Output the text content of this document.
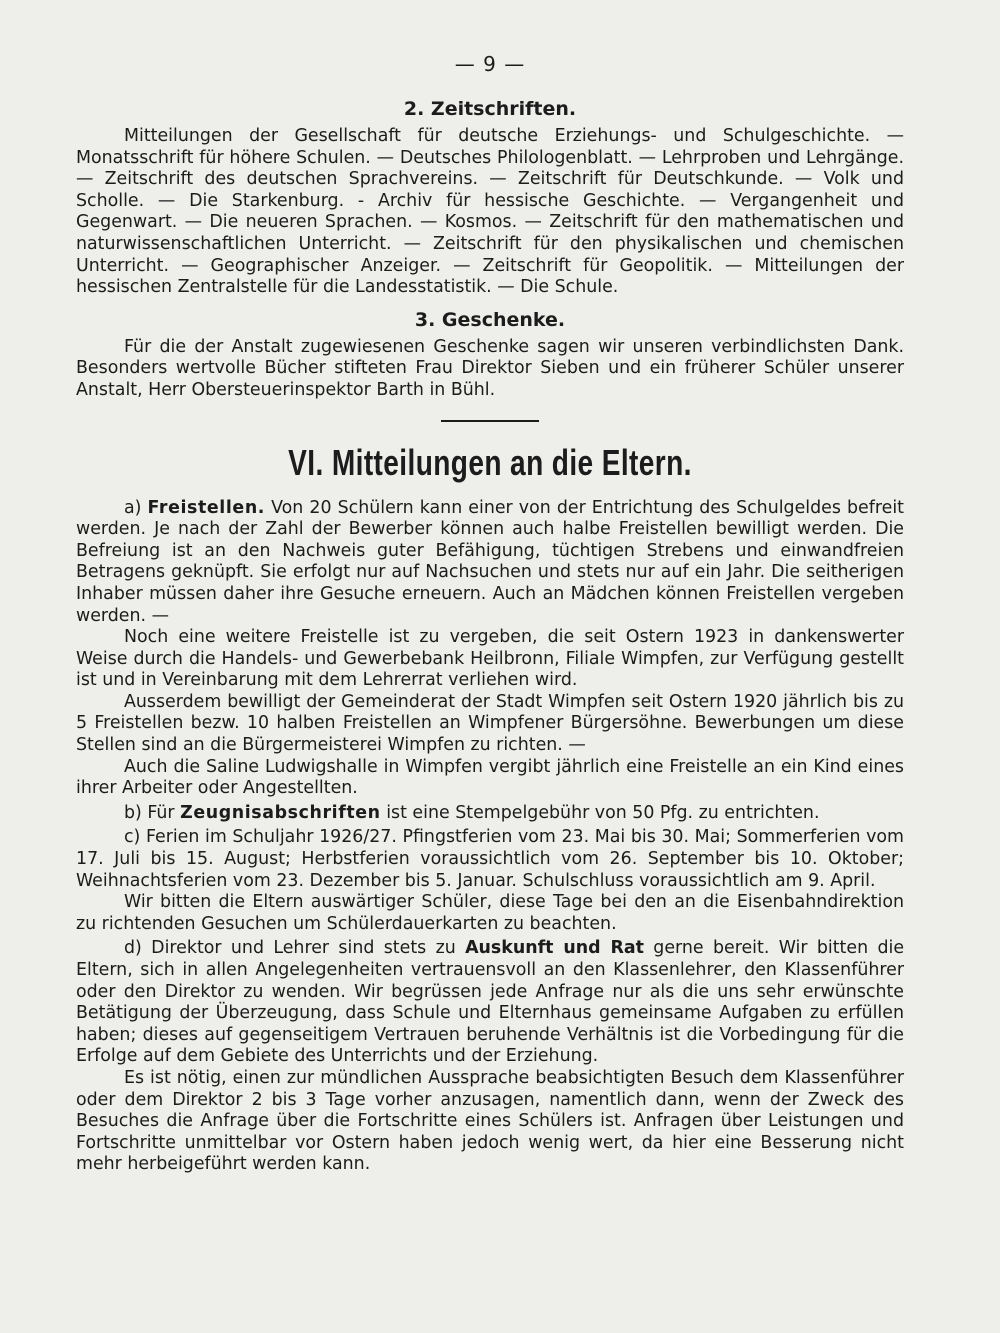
— 9 —
2. Zeitschriften.

Mitteilungen der Gesellschaft für deutsche Erziehungs- und Schulgeschichte. — Monatsschrift für höhere Schulen. — Deutsches Philologenblatt. — Lehrproben und Lehrgänge. — Zeitschrift des deutschen Sprachvereins. — Zeitschrift für Deutschkunde. — Volk und Scholle. — Die Starkenburg. - Archiv für hessische Geschichte. — Vergangenheit und Gegenwart. — Die neueren Sprachen. — Kosmos. — Zeitschrift für den mathematischen und naturwissenschaftlichen Unterricht. — Zeitschrift für den physikalischen und chemischen Unterricht. — Geographischer Anzeiger. — Zeitschrift für Geopolitik. — Mitteilungen der hessischen Zentralstelle für die Landesstatistik. — Die Schule.

3. Geschenke.

Für die der Anstalt zugewiesenen Geschenke sagen wir unseren verbindlichsten Dank. Besonders wertvolle Bücher stifteten Frau Direktor Sieben und ein früherer Schüler unserer Anstalt, Herr Obersteuerinspektor Barth in Bühl.

VI. Mitteilungen an die Eltern.

a) Freistellen. Von 20 Schülern kann einer von der Entrichtung des Schulgeldes befreit werden. Je nach der Zahl der Bewerber können auch halbe Freistellen bewilligt werden. Die Befreiung ist an den Nachweis guter Befähigung, tüchtigen Strebens und einwandfreien Betragens geknüpft. Sie erfolgt nur auf Nachsuchen und stets nur auf ein Jahr. Die seitherigen Inhaber müssen daher ihre Gesuche erneuern. Auch an Mädchen können Freistellen vergeben werden. —

Noch eine weitere Freistelle ist zu vergeben, die seit Ostern 1923 in dankenswerter Weise durch die Handels- und Gewerbebank Heilbronn, Filiale Wimpfen, zur Verfügung gestellt ist und in Vereinbarung mit dem Lehrerrat verliehen wird.

Ausserdem bewilligt der Gemeinderat der Stadt Wimpfen seit Ostern 1920 jährlich bis zu 5 Freistellen bezw. 10 halben Freistellen an Wimpfener Bürgersöhne. Bewerbungen um diese Stellen sind an die Bürgermeisterei Wimpfen zu richten. —

Auch die Saline Ludwigshalle in Wimpfen vergibt jährlich eine Freistelle an ein Kind eines ihrer Arbeiter oder Angestellten.

b) Für Zeugnisabschriften ist eine Stempelgebühr von 50 Pfg. zu entrichten.

c) Ferien im Schuljahr 1926/27. Pfingstferien vom 23. Mai bis 30. Mai; Sommerferien vom 17. Juli bis 15. August; Herbstferien voraussichtlich vom 26. September bis 10. Oktober; Weihnachtsferien vom 23. Dezember bis 5. Januar. Schulschluss voraussichtlich am 9. April.

Wir bitten die Eltern auswärtiger Schüler, diese Tage bei den an die Eisenbahndirektion zu richtenden Gesuchen um Schülerdauerkarten zu beachten.

d) Direktor und Lehrer sind stets zu Auskunft und Rat gerne bereit. Wir bitten die Eltern, sich in allen Angelegenheiten vertrauensvoll an den Klassenlehrer, den Klassenführer oder den Direktor zu wenden. Wir begrüssen jede Anfrage nur als die uns sehr erwünschte Betätigung der Überzeugung, dass Schule und Elternhaus gemeinsame Aufgaben zu erfüllen haben; dieses auf gegenseitigem Vertrauen beruhende Verhältnis ist die Vorbedingung für die Erfolge auf dem Gebiete des Unterrichts und der Erziehung.

Es ist nötig, einen zur mündlichen Aussprache beabsichtigten Besuch dem Klassenführer oder dem Direktor 2 bis 3 Tage vorher anzusagen, namentlich dann, wenn der Zweck des Besuches die Anfrage über die Fortschritte eines Schülers ist. Anfragen über Leistungen und Fortschritte unmittelbar vor Ostern haben jedoch wenig wert, da hier eine Besserung nicht mehr herbeigeführt werden kann.
